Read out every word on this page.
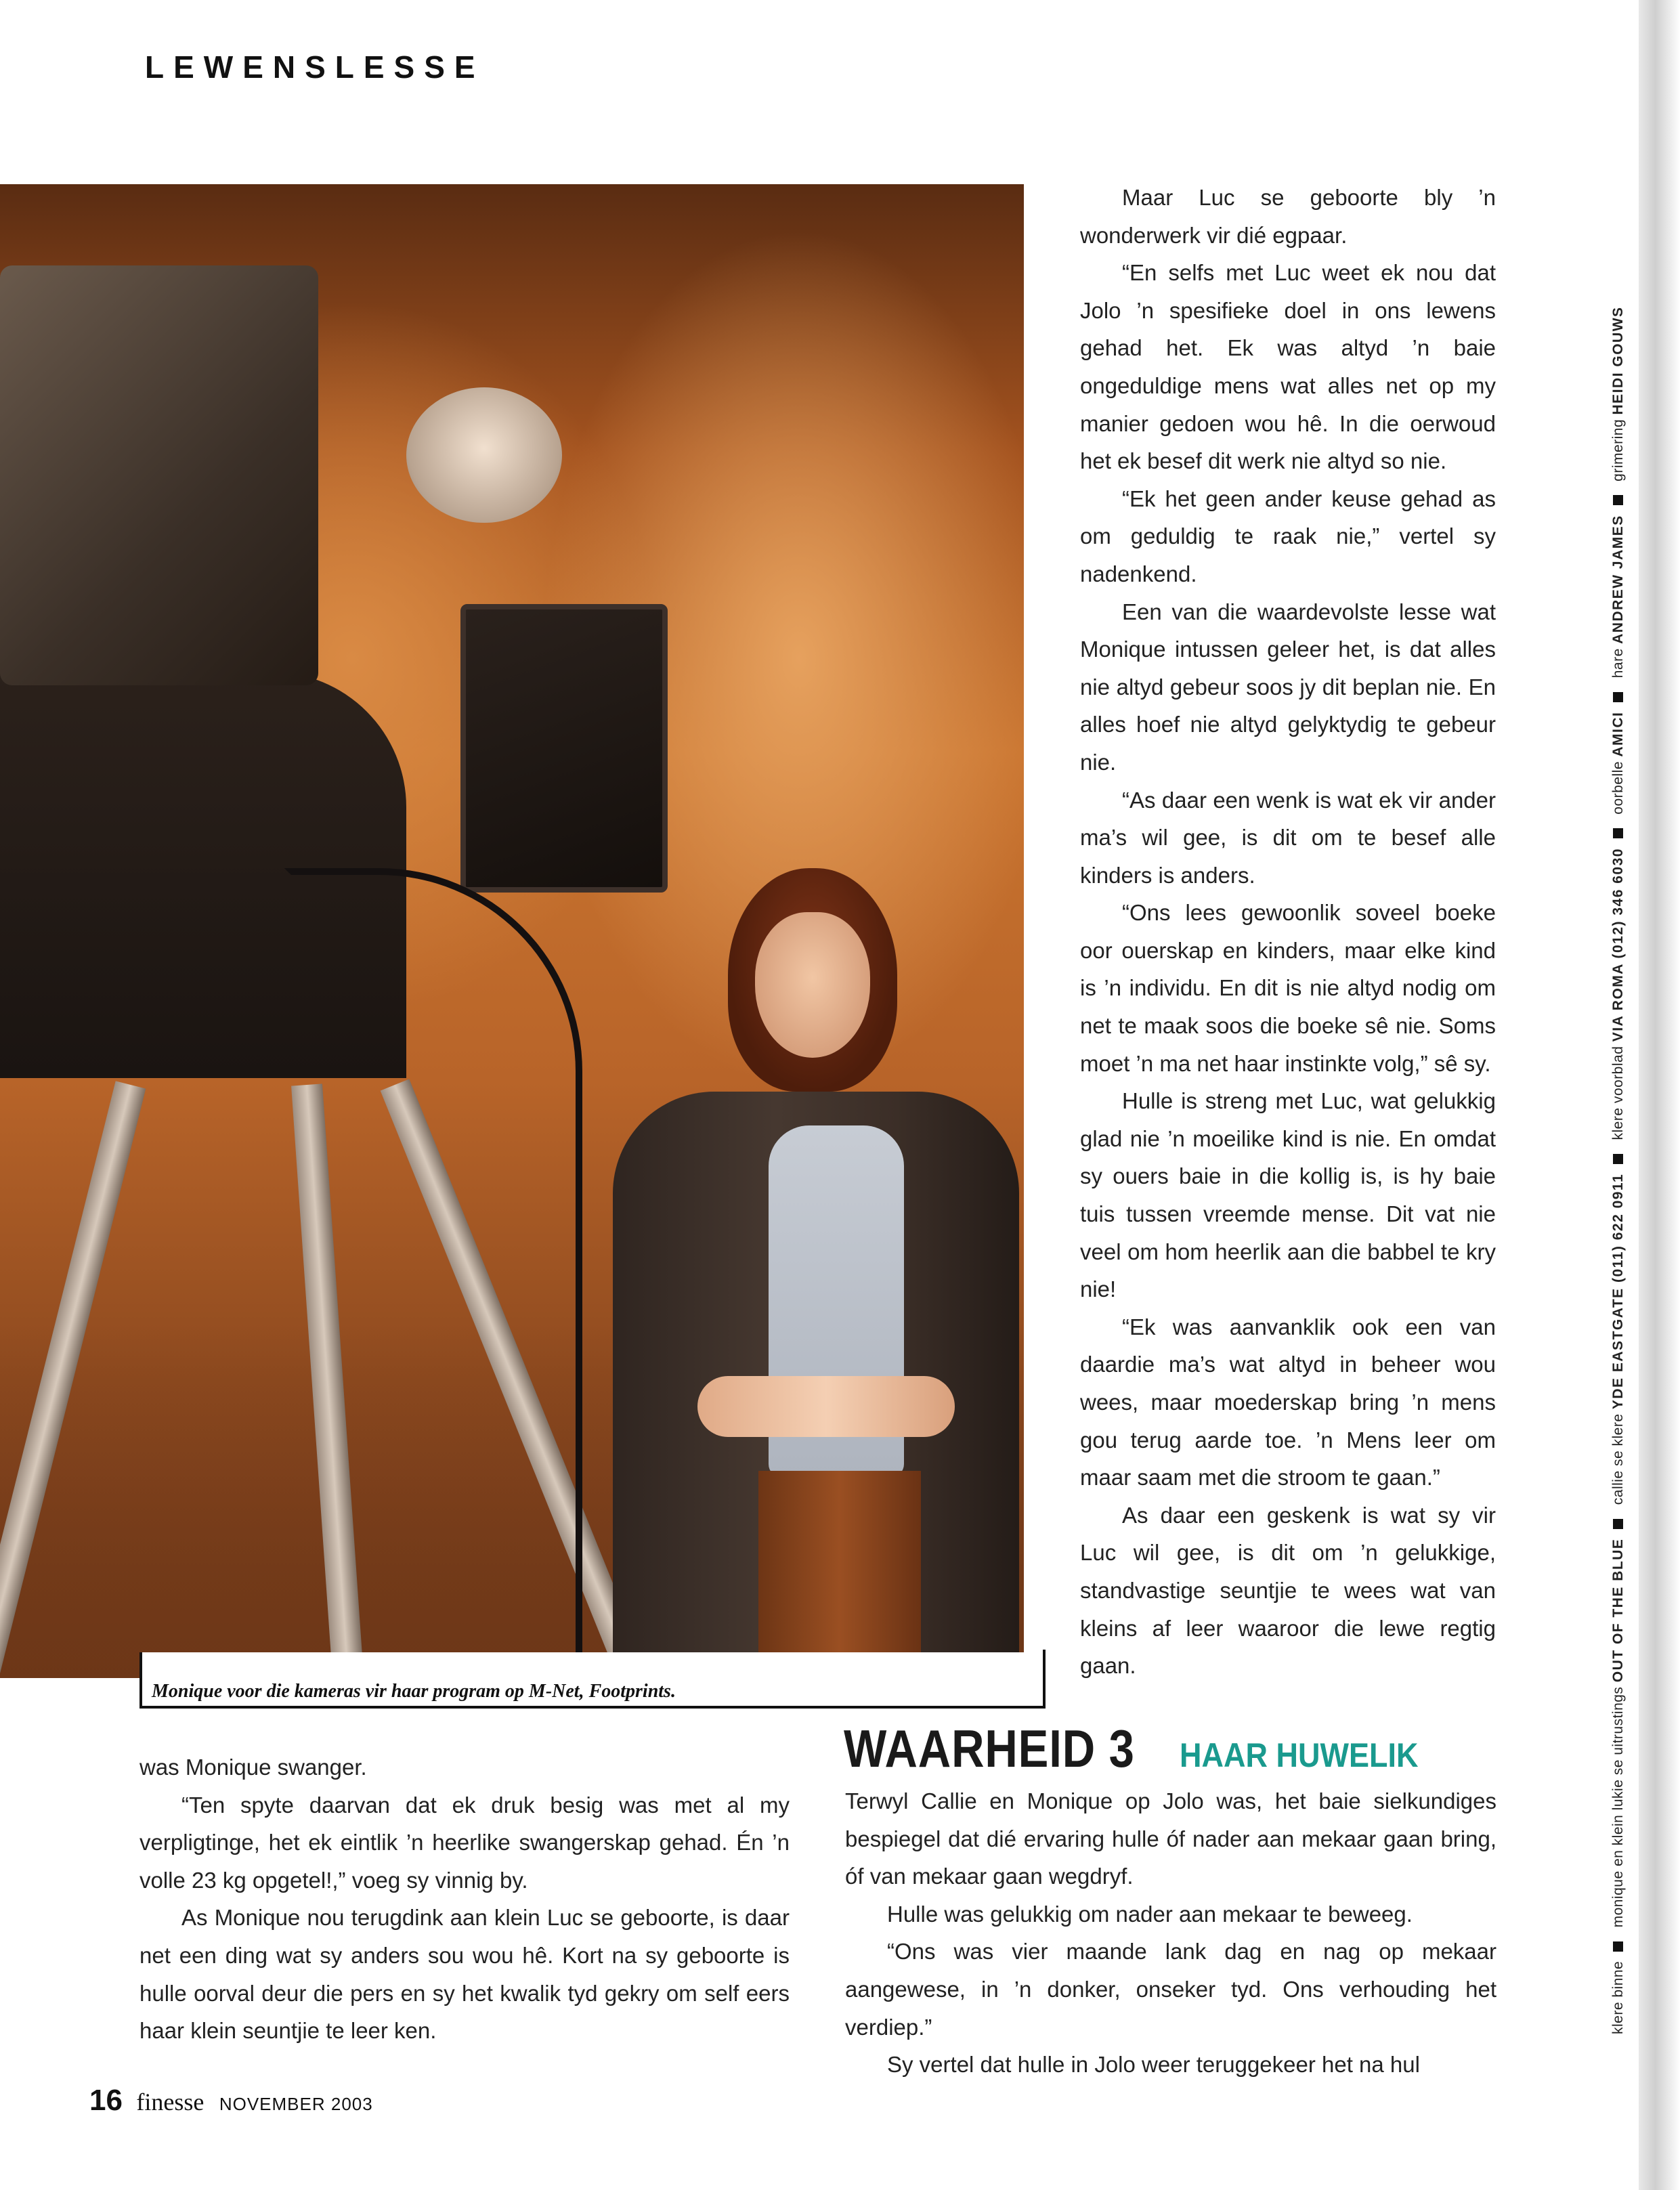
LEWENSLESSE
Monique voor die kameras vir haar program op M-Net, Footprints.

Maar Luc se geboorte bly ’n wonderwerk vir dié egpaar.

“En selfs met Luc weet ek nou dat Jolo ’n spesifieke doel in ons lewens gehad het. Ek was altyd ’n baie ongeduldige mens wat alles net op my manier gedoen wou hê. In die oerwoud het ek besef dit werk nie altyd so nie.

“Ek het geen ander keuse gehad as om geduldig te raak nie,” vertel sy nadenkend.

Een van die waardevolste lesse wat Monique intussen geleer het, is dat alles nie altyd gebeur soos jy dit beplan nie. En alles hoef nie altyd gelyktydig te gebeur nie.

“As daar een wenk is wat ek vir ander ma’s wil gee, is dit om te besef alle kinders is anders.

“Ons lees gewoonlik soveel boeke oor ouerskap en kinders, maar elke kind is ’n individu. En dit is nie altyd nodig om net te maak soos die boeke sê nie. Soms moet ’n ma net haar instinkte volg,” sê sy.

Hulle is streng met Luc, wat gelukkig glad nie ’n moeilike kind is nie. En omdat sy ouers baie in die kollig is, is hy baie tuis tussen vreemde mense. Dit vat nie veel om hom heerlik aan die babbel te kry nie!

“Ek was aanvanklik ook een van daardie ma’s wat altyd in beheer wou wees, maar moederskap bring ’n mens gou terug aarde toe. ’n Mens leer om maar saam met die stroom te gaan.”

As daar een geskenk is wat sy vir Luc wil gee, is dit om ’n gelukkige, standvastige seuntjie te wees wat van kleins af leer waaroor die lewe regtig gaan.

was Monique swanger.

“Ten spyte daarvan dat ek druk besig was met al my verpligtinge, het ek eintlik ’n heerlike swangerskap gehad. Én ’n volle 23 kg opgetel!,” voeg sy vinnig by.

As Monique nou terugdink aan klein Luc se geboorte, is daar net een ding wat sy anders sou wou hê. Kort na sy geboorte is hulle oorval deur die pers en sy het kwalik tyd gekry om self eers haar klein seuntjie te leer ken.

WAARHEID 3 HAAR HUWELIK

Terwyl Callie en Monique op Jolo was, het baie sielkundiges bespiegel dat dié ervaring hulle óf nader aan mekaar gaan bring, óf van mekaar gaan wegdryf.

Hulle was gelukkig om nader aan mekaar te beweeg.

“Ons was vier maande lank dag en nag op mekaar aangewese, in ’n donker, onseker tyd. Ons verhouding het verdiep.”

Sy vertel dat hulle in Jolo weer teruggekeer het na hul

klere binne monique en klein lukie se uitrustings OUT OF THE BLUE callie se klere YDE EASTGATE (011) 622 0911 klere voorblad VIA ROMA (012) 346 6030 oorbelle AMICI hare ANDREW JAMES grimering HEIDI GOUWS
16 finesse NOVEMBER 2003
